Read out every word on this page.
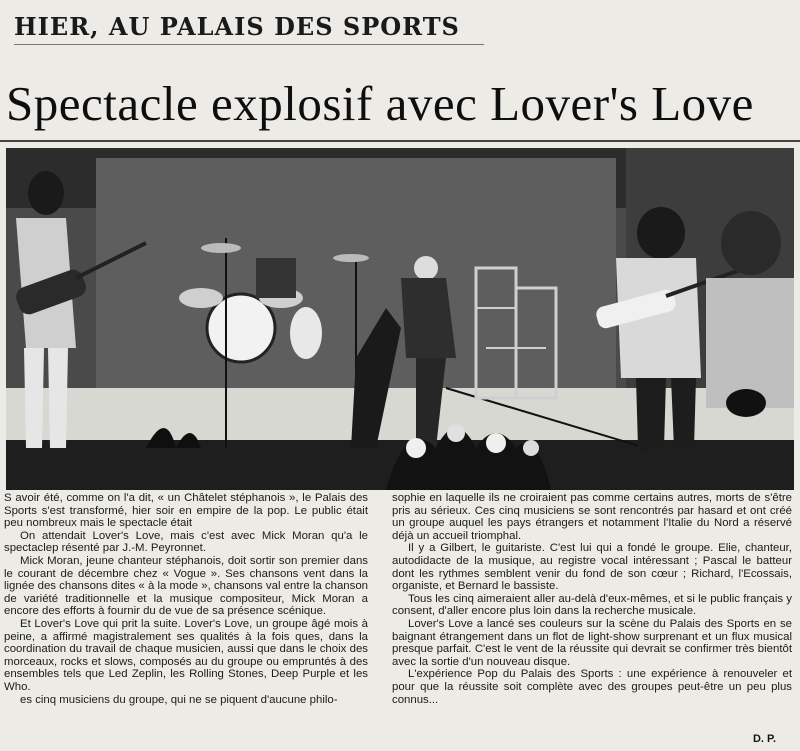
HIER, AU PALAIS DES SPORTS
Spectacle explosif avec Lover's Love

S avoir été, comme on l'a dit, « un Châtelet stéphanois », le Palais des Sports s'est transformé, hier soir en empire de la pop. Le public était peu nombreux mais le spectacle était

On attendait Lover's Love, mais c'est avec Mick Moran qu'a le spectaclep résenté par J.-M. Peyronnet.

Mick Moran, jeune chanteur stéphanois, doit sortir son premier dans le courant de décembre chez « Vogue ». Ses chansons vent dans la lignée des chansons dites « à la mode », chansons val entre la chanson de variété traditionnelle et la musique compositeur, Mick Moran a encore des efforts à fournir du de vue de sa présence scénique.

Et Lover's Love qui prit la suite. Lover's Love, un groupe âgé mois à peine, a affirmé magistralement ses qualités à la fois ques, dans la coordination du travail de chaque musicien, aussi que dans le choix des morceaux, rocks et slows, composés au du groupe ou empruntés à des ensembles tels que Led Zeplin, les Rolling Stones, Deep Purple et les Who.

es cinq musiciens du groupe, qui ne se piquent d'aucune philo-

sophie en laquelle ils ne croiraient pas comme certains autres, morts de s'être pris au sérieux. Ces cinq musiciens se sont rencontrés par hasard et ont créé un groupe auquel les pays étrangers et notamment l'Italie du Nord a réservé déjà un accueil triomphal.

Il y a Gilbert, le guitariste. C'est lui qui a fondé le groupe. Elie, chanteur, autodidacte de la musique, au registre vocal intéressant ; Pascal le batteur dont les rythmes semblent venir du fond de son cœur ; Richard, l'Ecossais, organiste, et Bernard le bassiste.

Tous les cinq aimeraient aller au-delà d'eux-mêmes, et si le public français y consent, d'aller encore plus loin dans la recherche musicale.

Lover's Love a lancé ses couleurs sur la scène du Palais des Sports en se baignant étrangement dans un flot de light-show surprenant et un flux musical presque parfait. C'est le vent de la réussite qui devrait se confirmer très bientôt avec la sortie d'un nouveau disque.

L'expérience Pop du Palais des Sports : une expérience à renouveler et pour que la réussite soit complète avec des groupes peut-être un peu plus connus...

D. P.
